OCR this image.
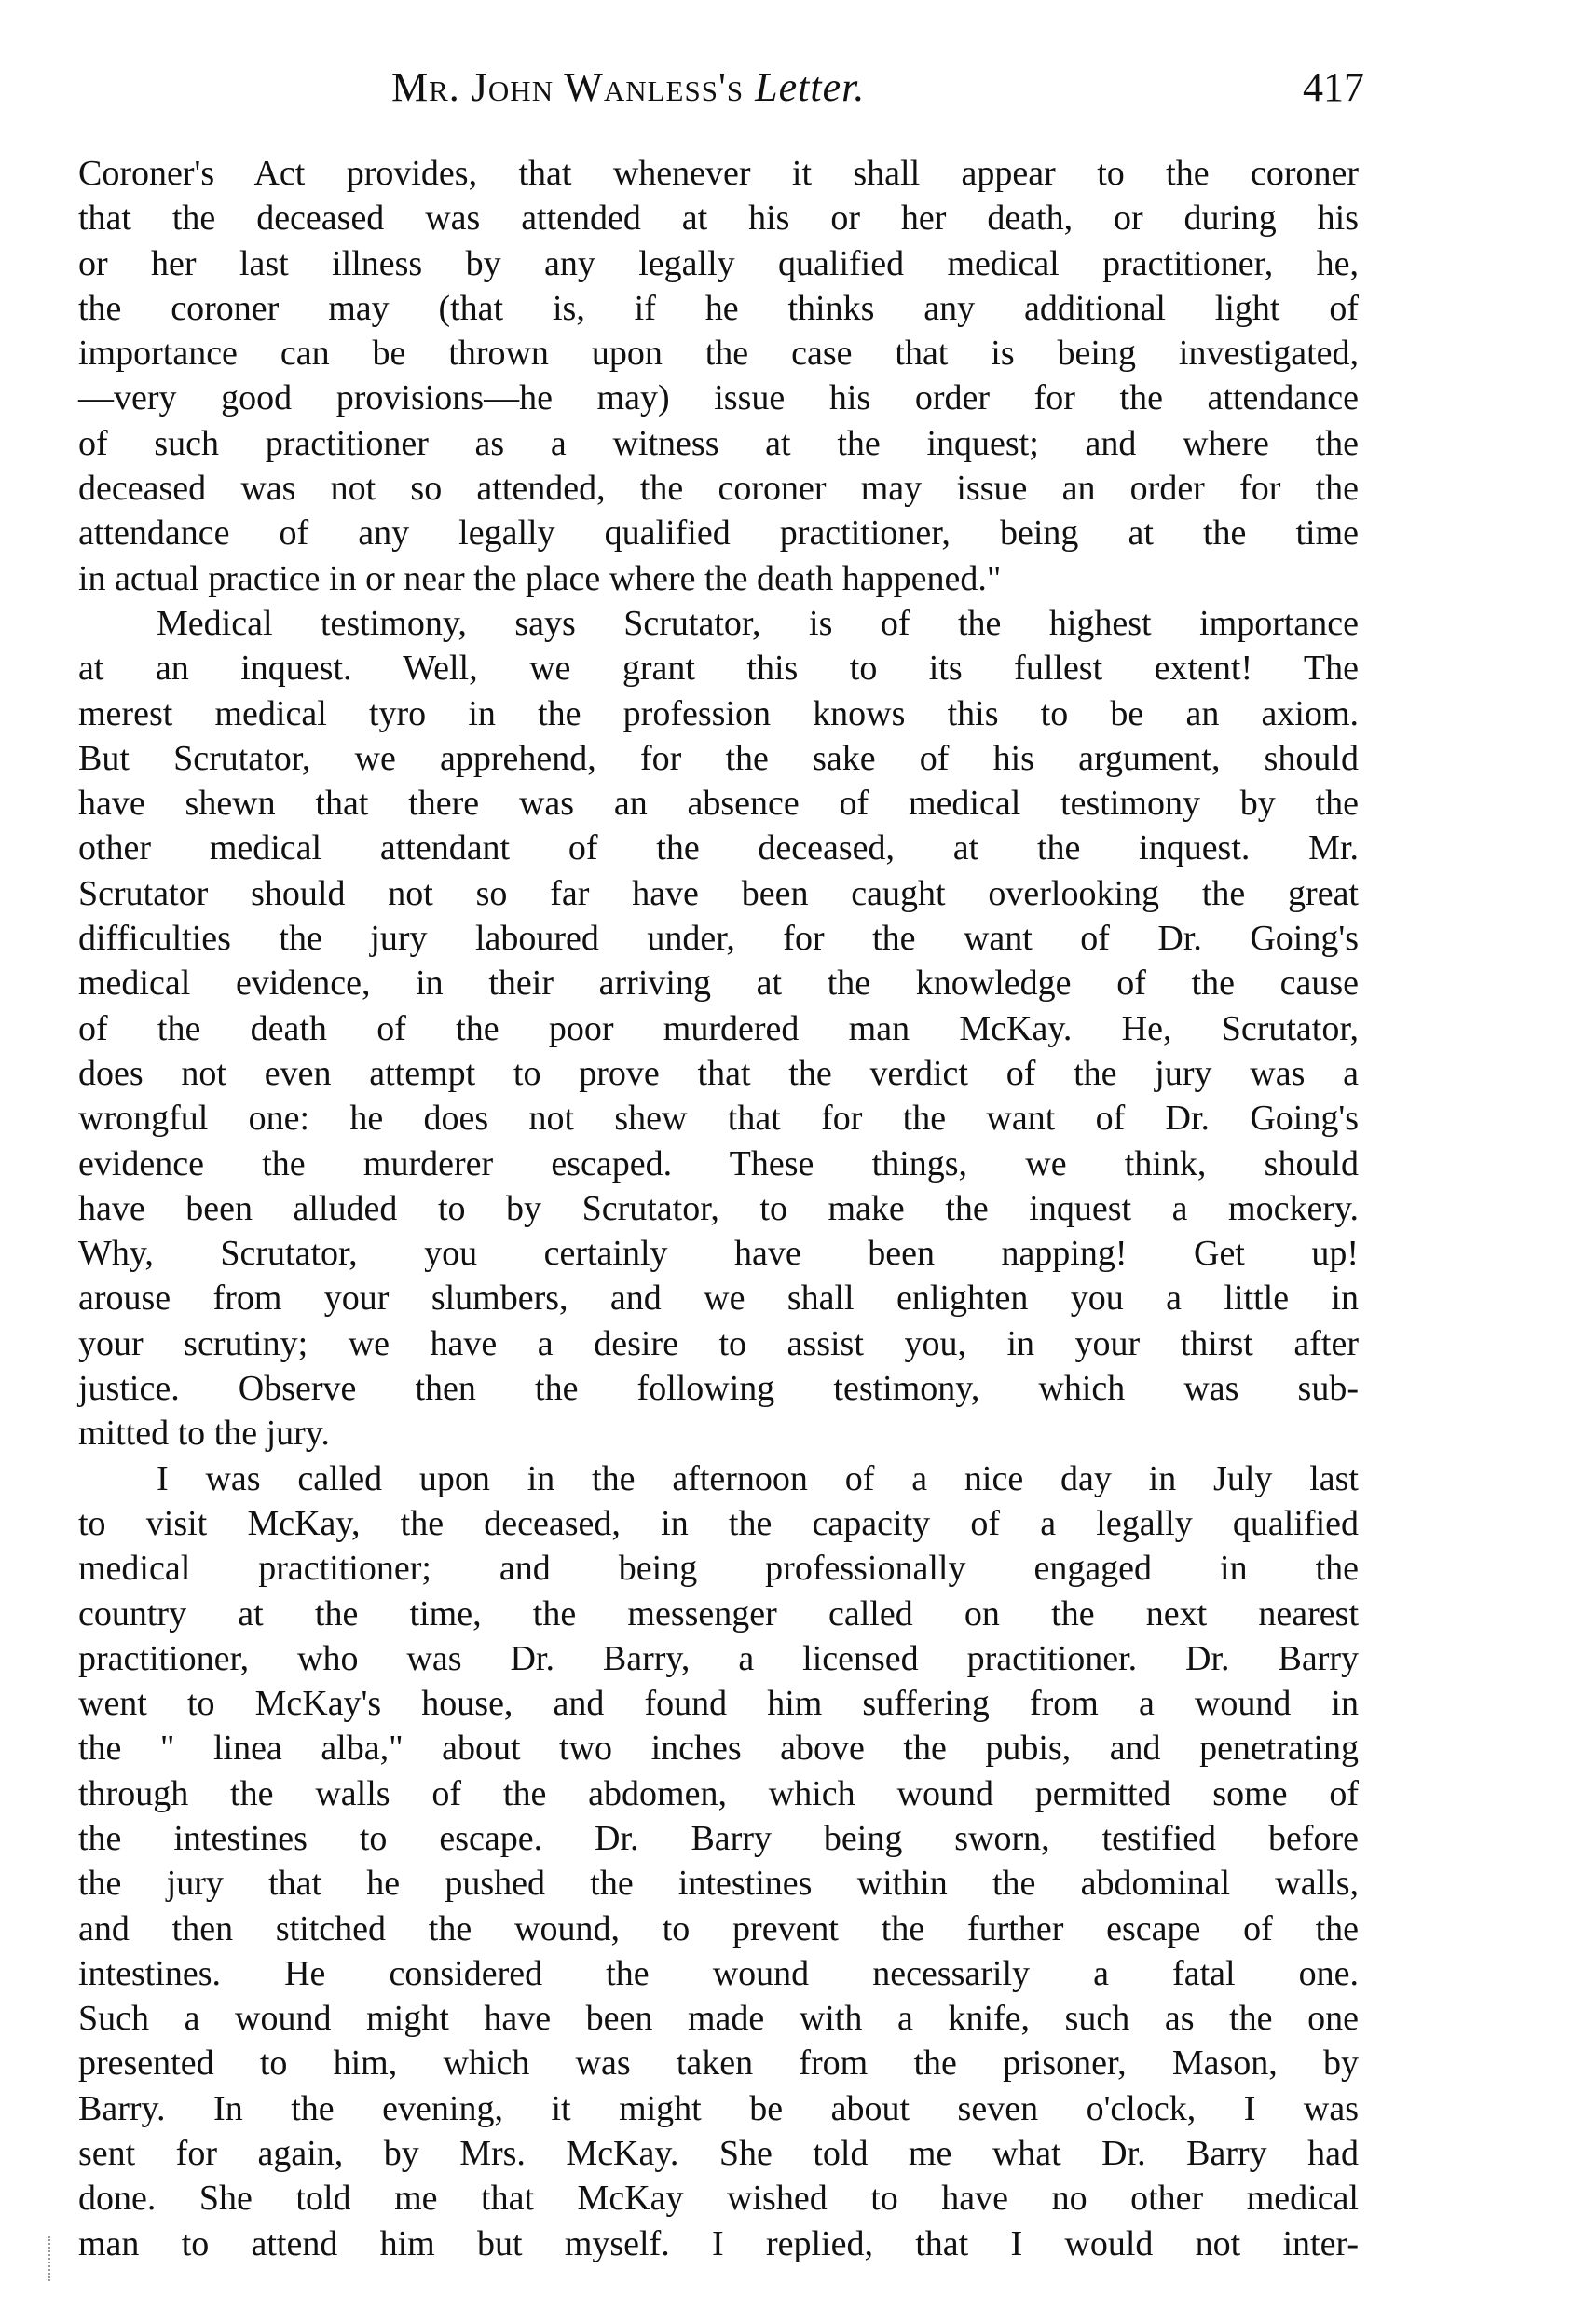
Mr. John Wanless's Letter.	417
Coroner's Act provides, that whenever it shall appear to the coroner
that the deceased was attended at his or her death, or during his
or her last illness by any legally qualified medical practitioner, he,
the coroner may (that is, if he thinks any additional light of
importance can be thrown upon the case that is being investigated,
—very good provisions—he may) issue his order for the attendance
of such practitioner as a witness at the inquest; and where the
deceased was not so attended, the coroner may issue an order for the
attendance of any legally qualified practitioner, being at the time
in actual practice in or near the place where the death happened."
Medical testimony, says Scrutator, is of the highest importance
at an inquest. Well, we grant this to its fullest extent! The
merest medical tyro in the profession knows this to be an axiom.
But Scrutator, we apprehend, for the sake of his argument, should
have shewn that there was an absence of medical testimony by the
other medical attendant of the deceased, at the inquest. Mr.
Scrutator should not so far have been caught overlooking the great
difficulties the jury laboured under, for the want of Dr. Going's
medical evidence, in their arriving at the knowledge of the cause
of the death of the poor murdered man McKay. He, Scrutator,
does not even attempt to prove that the verdict of the jury was a
wrongful one: he does not shew that for the want of Dr. Going's
evidence the murderer escaped. These things, we think, should
have been alluded to by Scrutator, to make the inquest a mockery.
Why, Scrutator, you certainly have been napping! Get up!
arouse from your slumbers, and we shall enlighten you a little in
your scrutiny; we have a desire to assist you, in your thirst after
justice. Observe then the following testimony, which was sub-
mitted to the jury.
I was called upon in the afternoon of a nice day in July last
to visit McKay, the deceased, in the capacity of a legally qualified
medical practitioner; and being professionally engaged in the
country at the time, the messenger called on the next nearest
practitioner, who was Dr. Barry, a licensed practitioner. Dr. Barry
went to McKay's house, and found him suffering from a wound in
the " linea alba," about two inches above the pubis, and penetrating
through the walls of the abdomen, which wound permitted some of
the intestines to escape. Dr. Barry being sworn, testified before
the jury that he pushed the intestines within the abdominal walls,
and then stitched the wound, to prevent the further escape of the
intestines. He considered the wound necessarily a fatal one.
Such a wound might have been made with a knife, such as the one
presented to him, which was taken from the prisoner, Mason, by
Barry. In the evening, it might be about seven o'clock, I was
sent for again, by Mrs. McKay. She told me what Dr. Barry had
done. She told me that McKay wished to have no other medical
man to attend him but myself. I replied, that I would not inter-
